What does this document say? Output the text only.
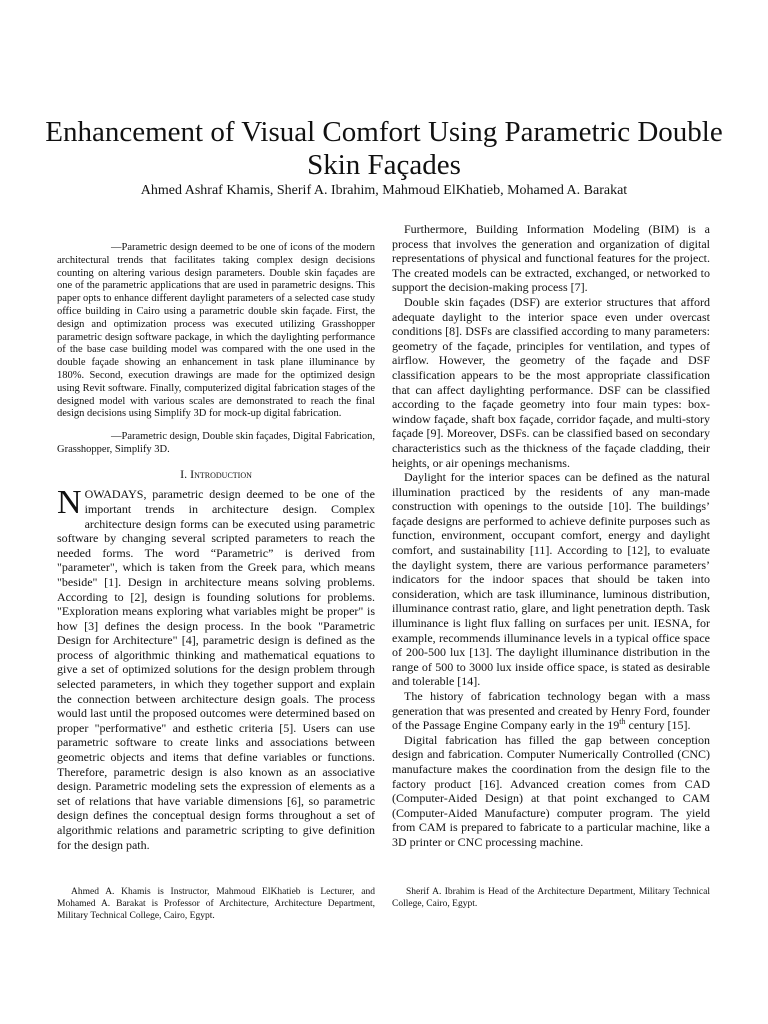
Enhancement of Visual Comfort Using Parametric Double Skin Façades

Ahmed Ashraf Khamis, Sherif A. Ibrahim, Mahmoud ElKhatieb, Mohamed A. Barakat

—Parametric design deemed to be one of icons of the modern architectural trends that facilitates taking complex design decisions counting on altering various design parameters. Double skin façades are one of the parametric applications that are used in parametric designs. This paper opts to enhance different daylight parameters of a selected case study office building in Cairo using a parametric double skin façade. First, the design and optimization process was executed utilizing Grasshopper parametric design software package, in which the daylighting performance of the base case building model was compared with the one used in the double façade showing an enhancement in task plane illuminance by 180%. Second, execution drawings are made for the optimized design using Revit software. Finally, computerized digital fabrication stages of the designed model with various scales are demonstrated to reach the final design decisions using Simplify 3D for mock-up digital fabrication.

—Parametric design, Double skin façades, Digital Fabrication, Grasshopper, Simplify 3D.

I. Introduction

NOWADAYS, parametric design deemed to be one of the important trends in architecture design. Complex architecture design forms can be executed using parametric software by changing several scripted parameters to reach the needed forms. The word “Parametric” is derived from "parameter", which is taken from the Greek para, which means "beside" [1]. Design in architecture means solving problems. According to [2], design is founding solutions for problems. "Exploration means exploring what variables might be proper" is how [3] defines the design process. In the book "Parametric Design for Architecture" [4], parametric design is defined as the process of algorithmic thinking and mathematical equations to give a set of optimized solutions for the design problem through selected parameters, in which they together support and explain the connection between architecture design goals. The process would last until the proposed outcomes were determined based on proper "performative" and esthetic criteria [5]. Users can use parametric software to create links and associations between geometric objects and items that define variables or functions. Therefore, parametric design is also known as an associative design. Parametric modeling sets the expression of elements as a set of relations that have variable dimensions [6], so parametric design defines the conceptual design forms throughout a set of algorithmic relations and parametric scripting to give definition for the design path.

Furthermore, Building Information Modeling (BIM) is a process that involves the generation and organization of digital representations of physical and functional features for the project. The created models can be extracted, exchanged, or networked to support the decision-making process [7].

Double skin façades (DSF) are exterior structures that afford adequate daylight to the interior space even under overcast conditions [8]. DSFs are classified according to many parameters: geometry of the façade, principles for ventilation, and types of airflow. However, the geometry of the façade and DSF classification appears to be the most appropriate classification that can affect daylighting performance. DSF can be classified according to the façade geometry into four main types: box-window façade, shaft box façade, corridor façade, and multi-story façade [9]. Moreover, DSFs. can be classified based on secondary characteristics such as the thickness of the façade cladding, their heights, or air openings mechanisms.

Daylight for the interior spaces can be defined as the natural illumination practiced by the residents of any man-made construction with openings to the outside [10]. The buildings’ façade designs are performed to achieve definite purposes such as function, environment, occupant comfort, energy and daylight comfort, and sustainability [11]. According to [12], to evaluate the daylight system, there are various performance parameters’ indicators for the indoor spaces that should be taken into consideration, which are task illuminance, luminous distribution, illuminance contrast ratio, glare, and light penetration depth. Task illuminance is light flux falling on surfaces per unit. IESNA, for example, recommends illuminance levels in a typical office space of 200-500 lux [13]. The daylight illuminance distribution in the range of 500 to 3000 lux inside office space, is stated as desirable and tolerable [14].

The history of fabrication technology began with a mass generation that was presented and created by Henry Ford, founder of the Passage Engine Company early in the 19th century [15].

Digital fabrication has filled the gap between conception design and fabrication. Computer Numerically Controlled (CNC) manufacture makes the coordination from the design file to the factory product [16]. Advanced creation comes from CAD (Computer-Aided Design) at that point exchanged to CAM (Computer-Aided Manufacture) computer program. The yield from CAM is prepared to fabricate to a particular machine, like a 3D printer or CNC processing machine.

Ahmed A. Khamis is Instructor, Mahmoud ElKhatieb is Lecturer, and Mohamed A. Barakat is Professor of Architecture, Architecture Department, Military Technical College, Cairo, Egypt.

Sherif A. Ibrahim is Head of the Architecture Department, Military Technical College, Cairo, Egypt.
